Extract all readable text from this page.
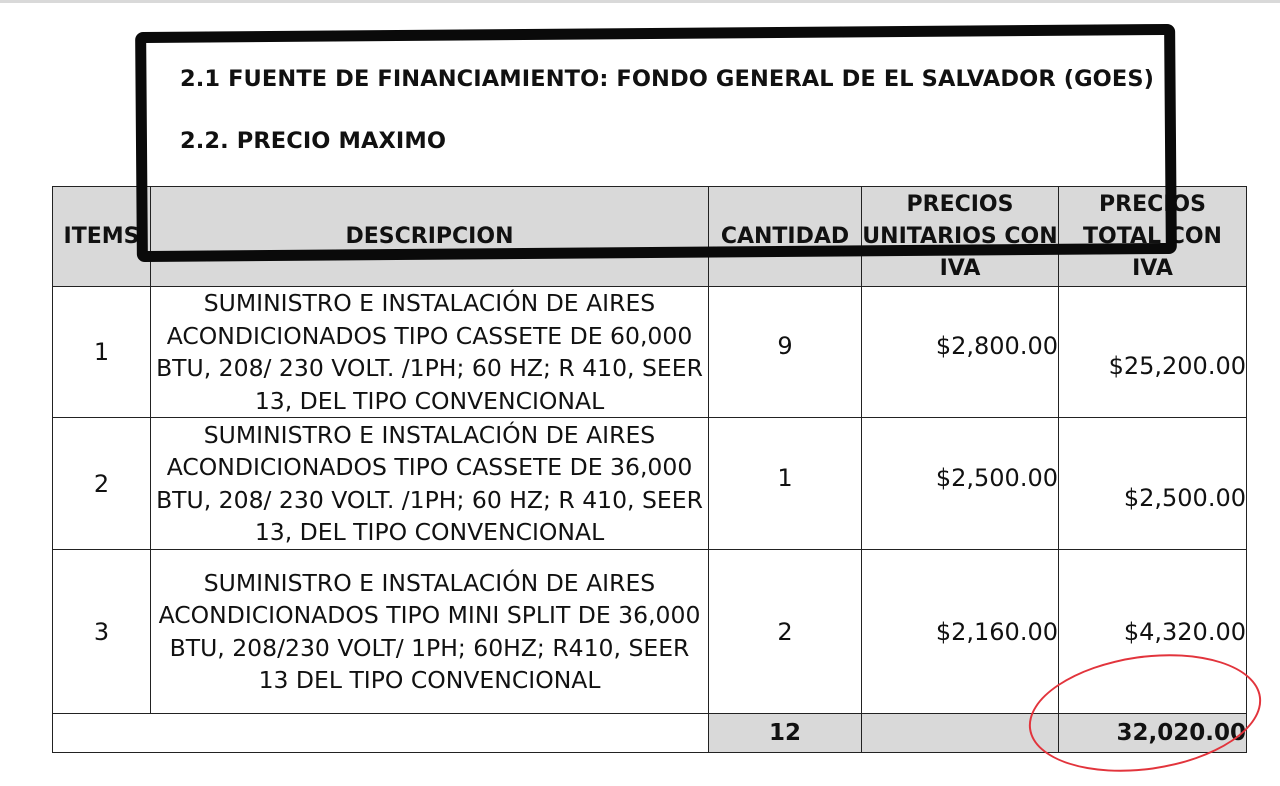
2.1 FUENTE DE FINANCIAMIENTO: FONDO GENERAL DE EL SALVADOR (GOES)
2.2. PRECIO MAXIMO
ITEMS	DESCRIPCION	CANTIDAD	PRECIOS UNITARIOS CON IVA	PRECIOS TOTAL CON IVA
1	SUMINISTRO E INSTALACIÓN DE AIRES ACONDICIONADOS TIPO CASSETE DE 60,000 BTU, 208/ 230 VOLT. /1PH; 60 HZ; R 410, SEER 13, DEL TIPO CONVENCIONAL	9	$2,800.00	$25,200.00
2	SUMINISTRO E INSTALACIÓN DE AIRES ACONDICIONADOS TIPO CASSETE DE 36,000 BTU, 208/ 230 VOLT. /1PH; 60 HZ; R 410, SEER 13, DEL TIPO CONVENCIONAL	1	$2,500.00	$2,500.00
3	SUMINISTRO E INSTALACIÓN DE AIRES ACONDICIONADOS TIPO MINI SPLIT DE 36,000 BTU, 208/230 VOLT/ 1PH; 60HZ; R410, SEER 13 DEL TIPO CONVENCIONAL	2	$2,160.00	$4,320.00
		12		32,020.00
